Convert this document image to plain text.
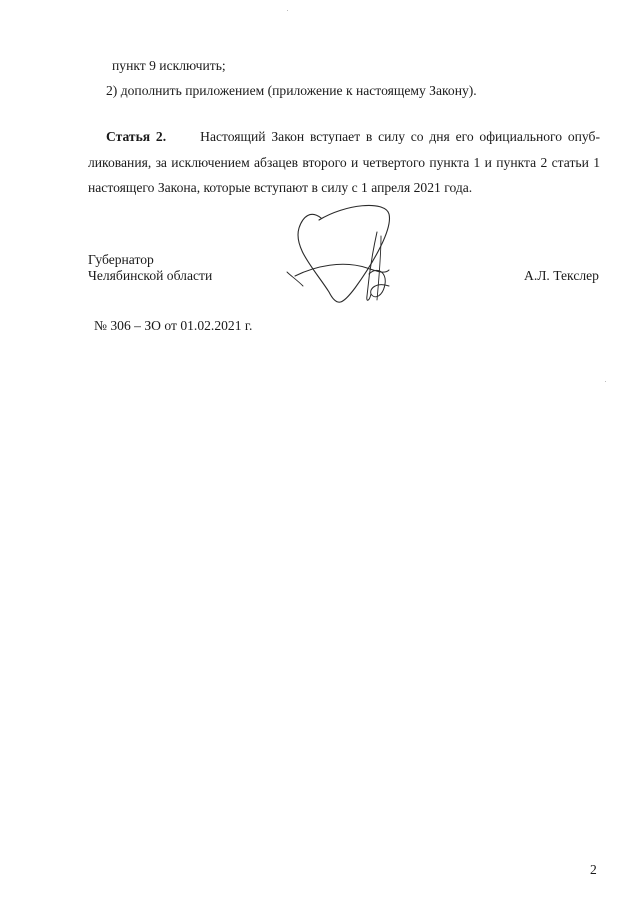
пункт 9 исключить;
2) дополнить приложением (приложение к настоящему Закону).
Статья 2.	Настоящий Закон вступает в силу со дня его официального опуб-
ликования, за исключением абзацев второго и четвертого пункта 1 и пункта 2 статьи 1
настоящего Закона, которые вступают в силу с 1 апреля 2021 года.
Губернатор
Челябинской области	А.Л. Текслер
№ 306 – ЗО от 01.02.2021 г.
2
